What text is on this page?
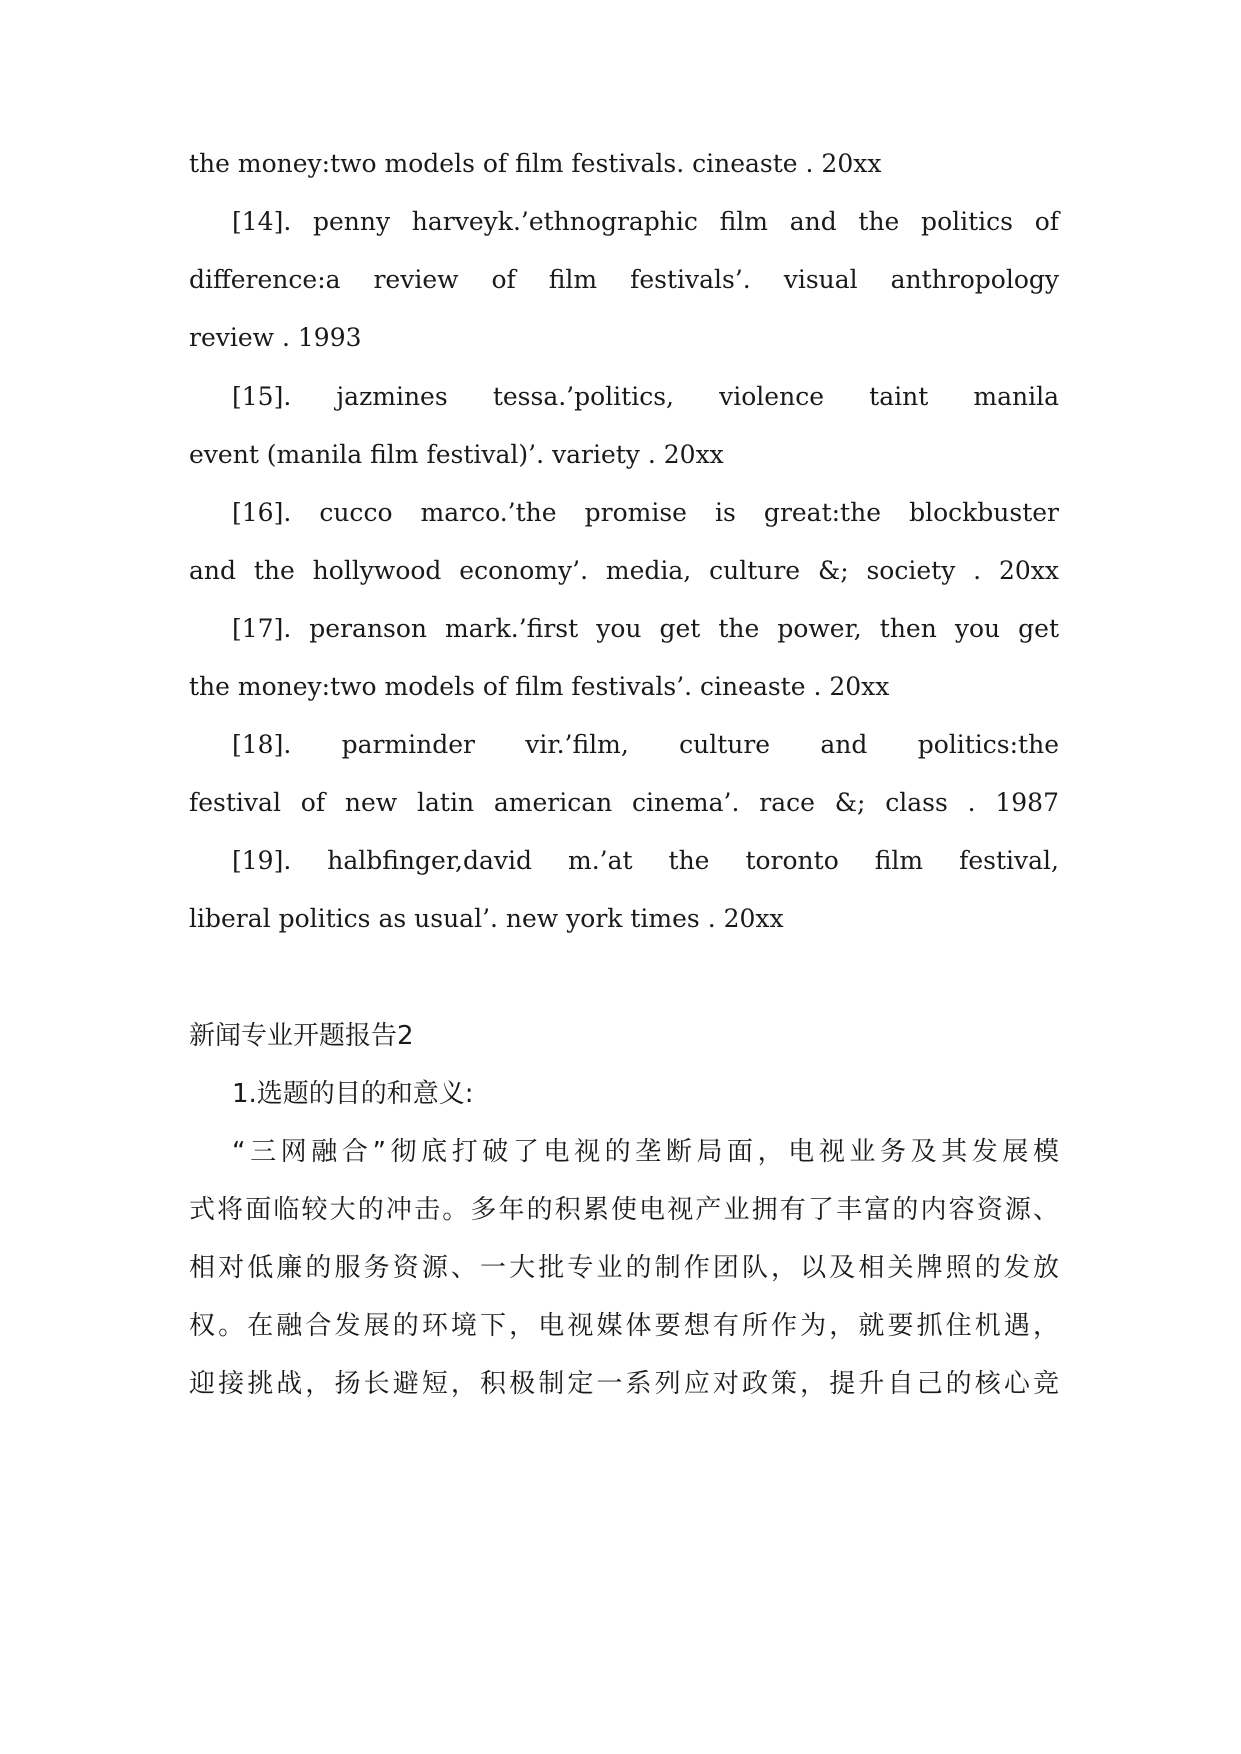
the money:two models of film festivals. cineaste . 20xx
[14]. penny harveyk.’ethnographic film and the politics of
difference:a review of film festivals’. visual anthropology
review . 1993
[15]. jazmines tessa.’politics, violence taint manila
event (manila film festival)’. variety . 20xx
[16]. cucco marco.’the promise is great:the blockbuster
and the hollywood economy’. media, culture &; society . 20xx
[17]. peranson mark.’first you get the power, then you get
the money:two models of film festivals’. cineaste . 20xx
[18]. parminder vir.’film, culture and politics:the
festival of new latin american cinema’. race &; class . 1987
[19]. halbfinger,david m.’at the toronto film festival,
liberal politics as usual’. new york times . 20xx
新闻专业开题报告2
1.选题的目的和意义:
“三网融合”彻底打破了电视的垄断局面，电视业务及其发展模
式将面临较大的冲击。多年的积累使电视产业拥有了丰富的内容资源、
相对低廉的服务资源、一大批专业的制作团队，以及相关牌照的发放
权。在融合发展的环境下，电视媒体要想有所作为，就要抓住机遇，
迎接挑战，扬长避短，积极制定一系列应对政策，提升自己的核心竞
